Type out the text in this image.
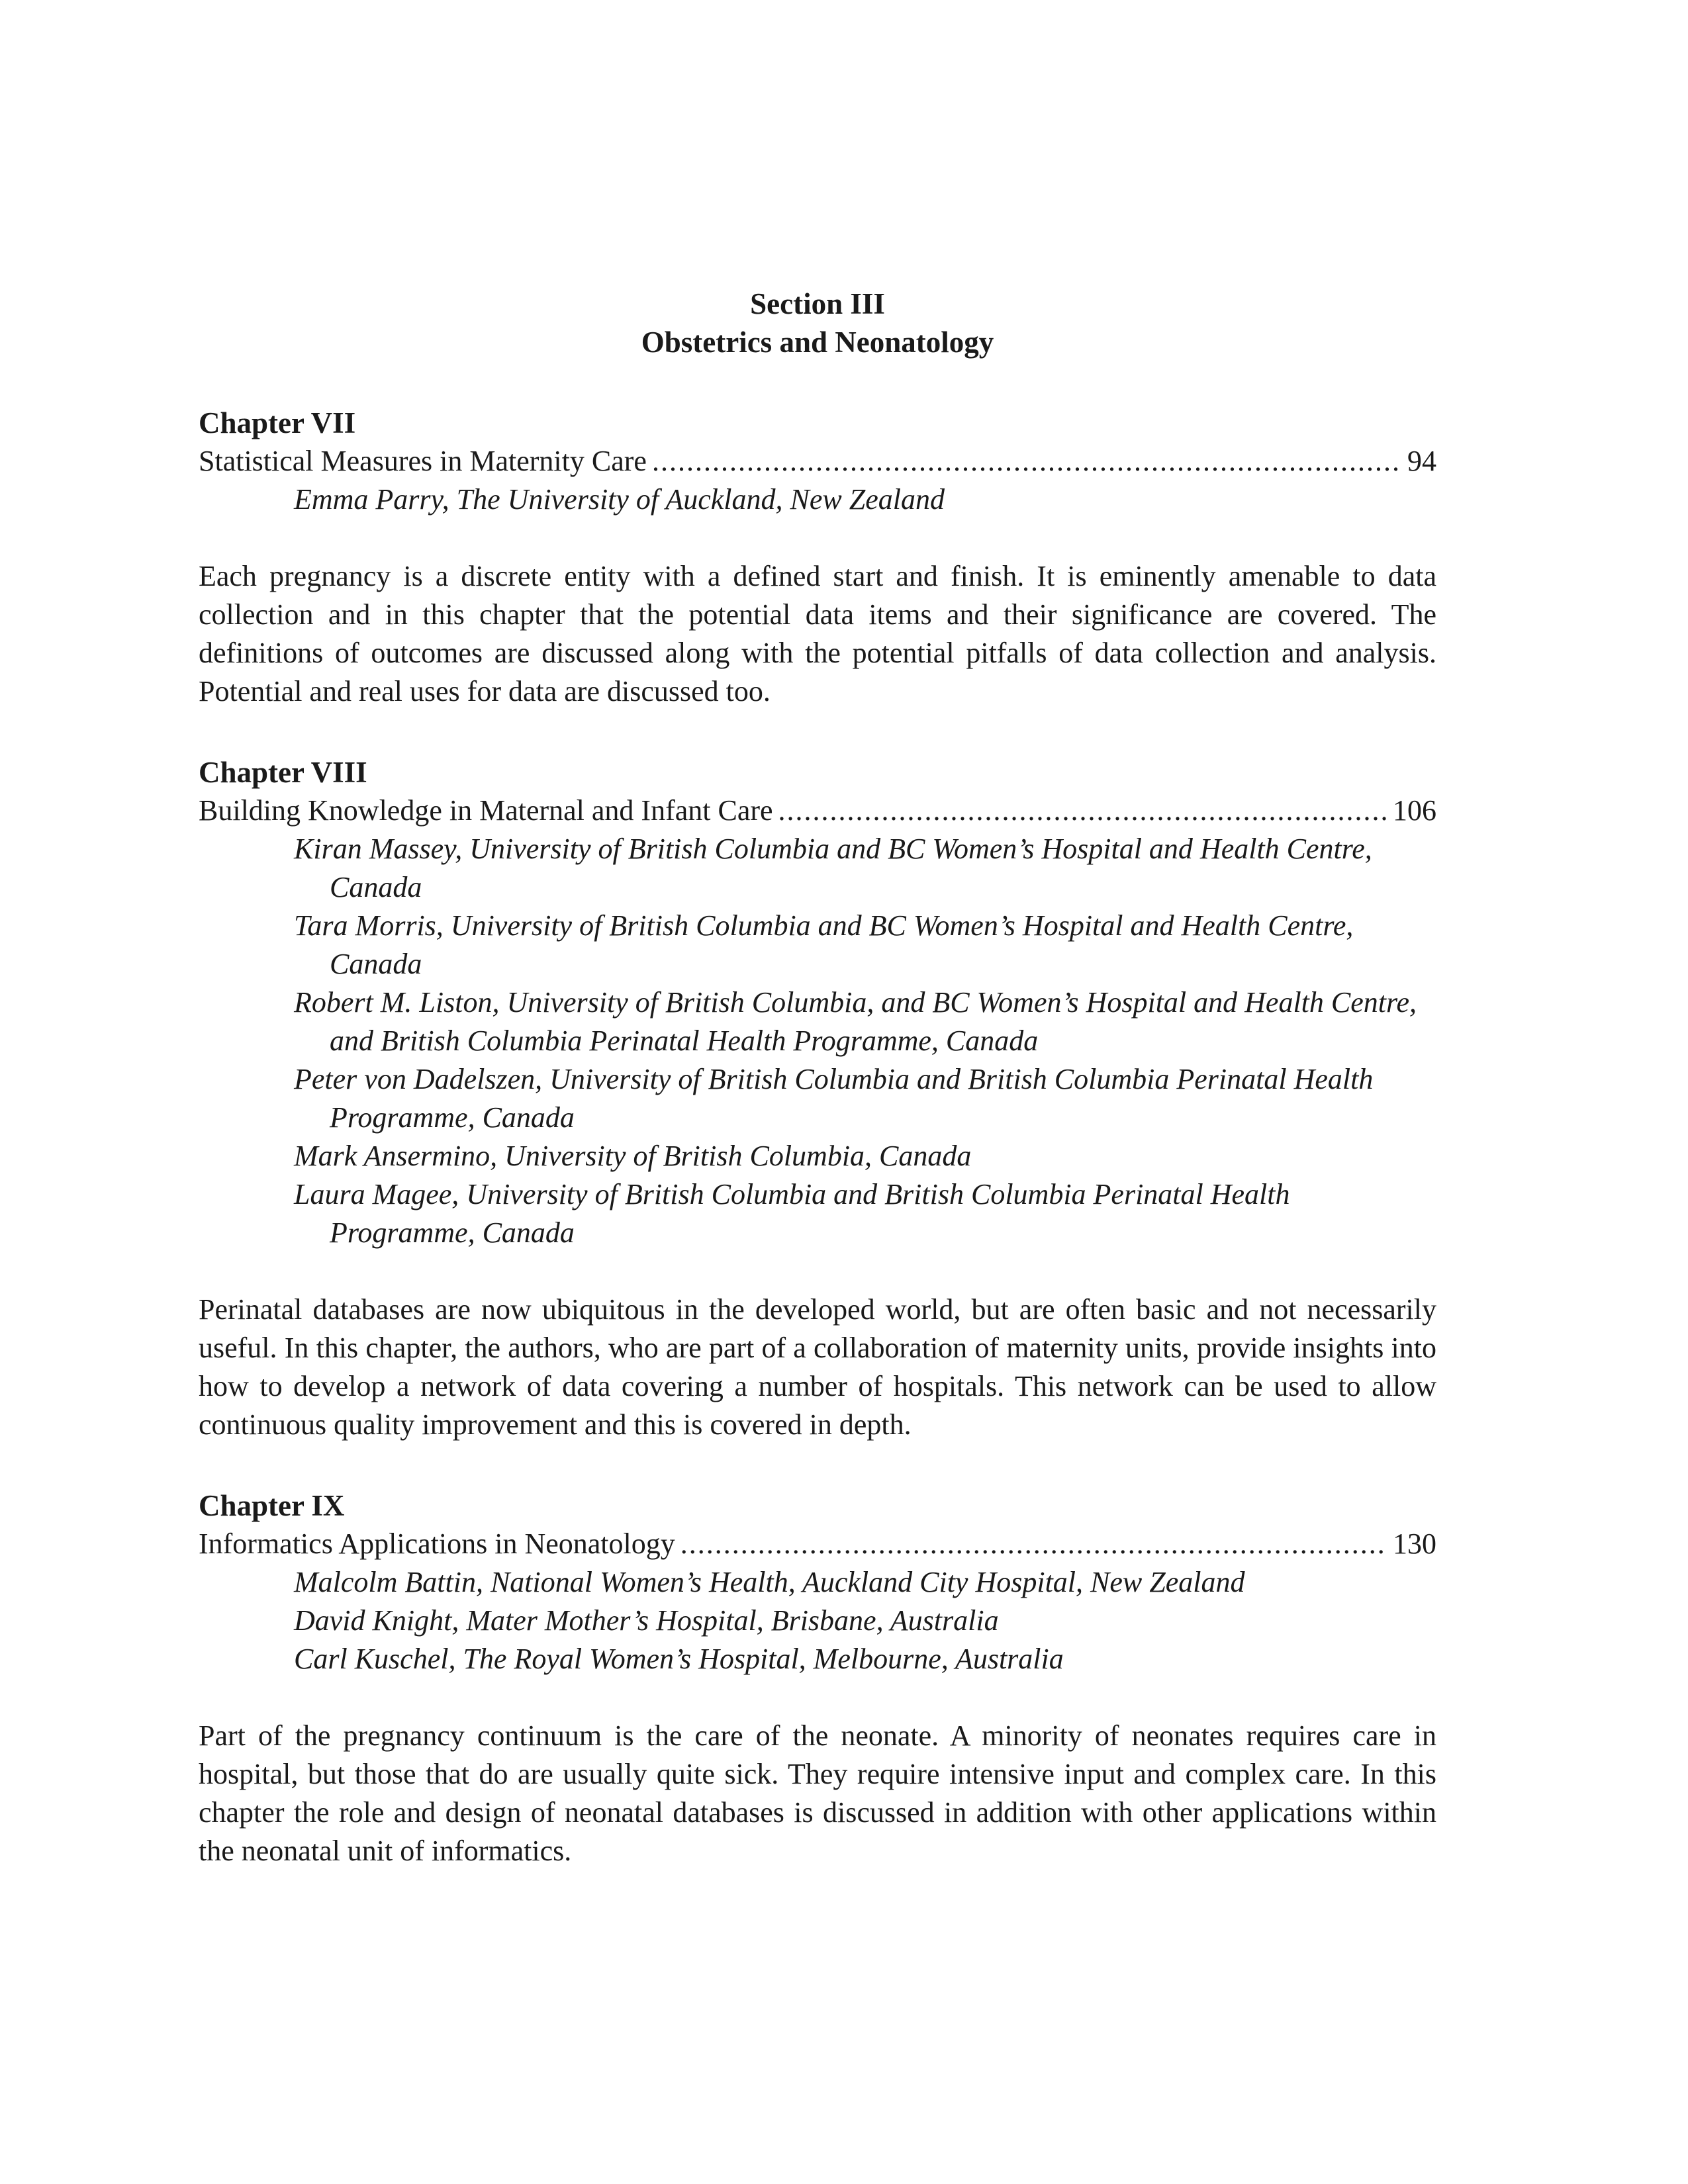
Section III
Obstetrics and Neonatology
Chapter VII
Statistical Measures in Maternity Care .....	94
Emma Parry, The University of Auckland, New Zealand
Each pregnancy is a discrete entity with a defined start and finish. It is eminently amenable to data collection and in this chapter that the potential data items and their significance are covered. The definitions of outcomes are discussed along with the potential pitfalls of data collection and analysis. Potential and real uses for data are discussed too.
Chapter VIII
Building Knowledge in Maternal and Infant Care .....	106
Kiran Massey, University of British Columbia and BC Women’s Hospital and Health Centre, Canada
Tara Morris, University of British Columbia and BC Women’s Hospital and Health Centre, Canada
Robert M. Liston, University of British Columbia, and BC Women’s Hospital and Health Centre, and British Columbia Perinatal Health Programme, Canada
Peter von Dadelszen, University of British Columbia and British Columbia Perinatal Health Programme, Canada
Mark Ansermino, University of British Columbia, Canada
Laura Magee, University of British Columbia and British Columbia Perinatal Health Programme, Canada
Perinatal databases are now ubiquitous in the developed world, but are often basic and not necessarily useful. In this chapter, the authors, who are part of a collaboration of maternity units, provide insights into how to develop a network of data covering a number of hospitals. This network can be used to allow continuous quality improvement and this is covered in depth.
Chapter IX
Informatics Applications in Neonatology .....	130
Malcolm Battin, National Women’s Health, Auckland City Hospital, New Zealand
David Knight, Mater Mother’s Hospital, Brisbane, Australia
Carl Kuschel, The Royal Women’s Hospital, Melbourne, Australia
Part of the pregnancy continuum is the care of the neonate. A minority of neonates requires care in hospital, but those that do are usually quite sick. They require intensive input and complex care. In this chapter the role and design of neonatal databases is discussed in addition with other applications within the neonatal unit of informatics.
